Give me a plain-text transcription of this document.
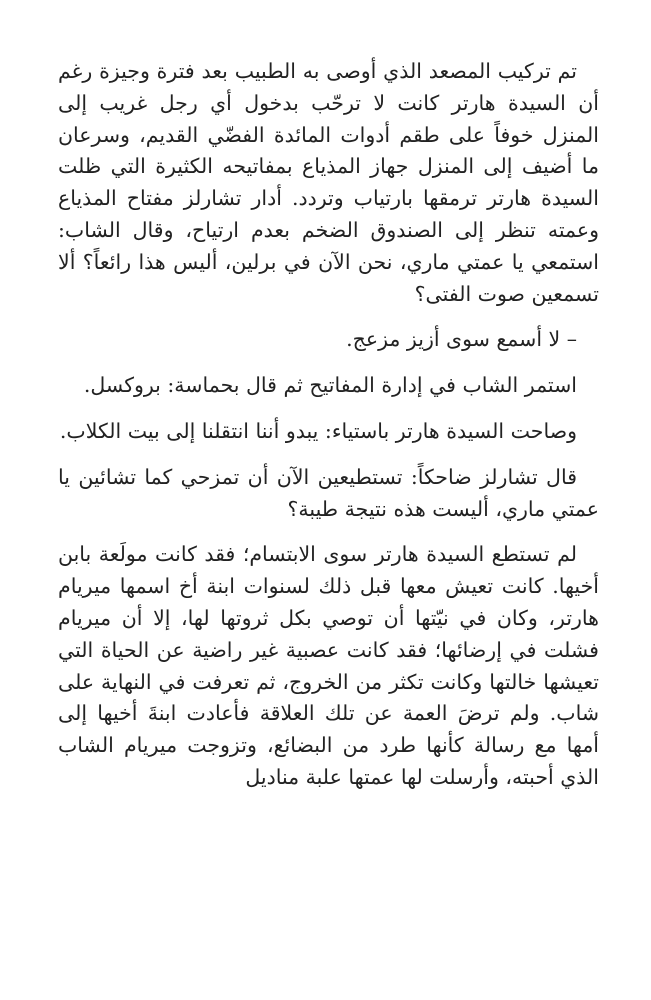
تم تركيب المصعد الذي أوصى به الطبيب بعد فترة وجيزة رغم أن السيدة هارتر كانت لا ترحّب بدخول أي رجل غريب إلى المنزل خوفاً على طقم أدوات المائدة الفضّي القديم، وسرعان ما أضيف إلى المنزل جهاز المذياع بمفاتيحه الكثيرة التي ظلت السيدة هارتر ترمقها بارتياب وتردد. أدار تشارلز مفتاح المذياع وعمته تنظر إلى الصندوق الضخم بعدم ارتياح، وقال الشاب: استمعي يا عمتي ماري، نحن الآن في برلين، أليس هذا رائعاً؟ ألا تسمعين صوت الفتى؟

– لا أسمع سوى أزيز مزعج.

استمر الشاب في إدارة المفاتيح ثم قال بحماسة: بروكسل.

وصاحت السيدة هارتر باستياء: يبدو أننا انتقلنا إلى بيت الكلاب.

قال تشارلز ضاحكاً: تستطيعين الآن أن تمزحي كما تشائين يا عمتي ماري، أليست هذه نتيجة طيبة؟

لم تستطع السيدة هارتر سوى الابتسام؛ فقد كانت مولَعة بابن أخيها. كانت تعيش معها قبل ذلك لسنوات ابنة أخ اسمها ميريام هارتر، وكان في نيّتها أن توصي بكل ثروتها لها، إلا أن ميريام فشلت في إرضائها؛ فقد كانت عصبية غير راضية عن الحياة التي تعيشها خالتها وكانت تكثر من الخروج، ثم تعرفت في النهاية على شاب. ولم ترضَ العمة عن تلك العلاقة فأعادت ابنةَ أخيها إلى أمها مع رسالة كأنها طرد من البضائع، وتزوجت ميريام الشاب الذي أحبته، وأرسلت لها عمتها علبة مناديل
